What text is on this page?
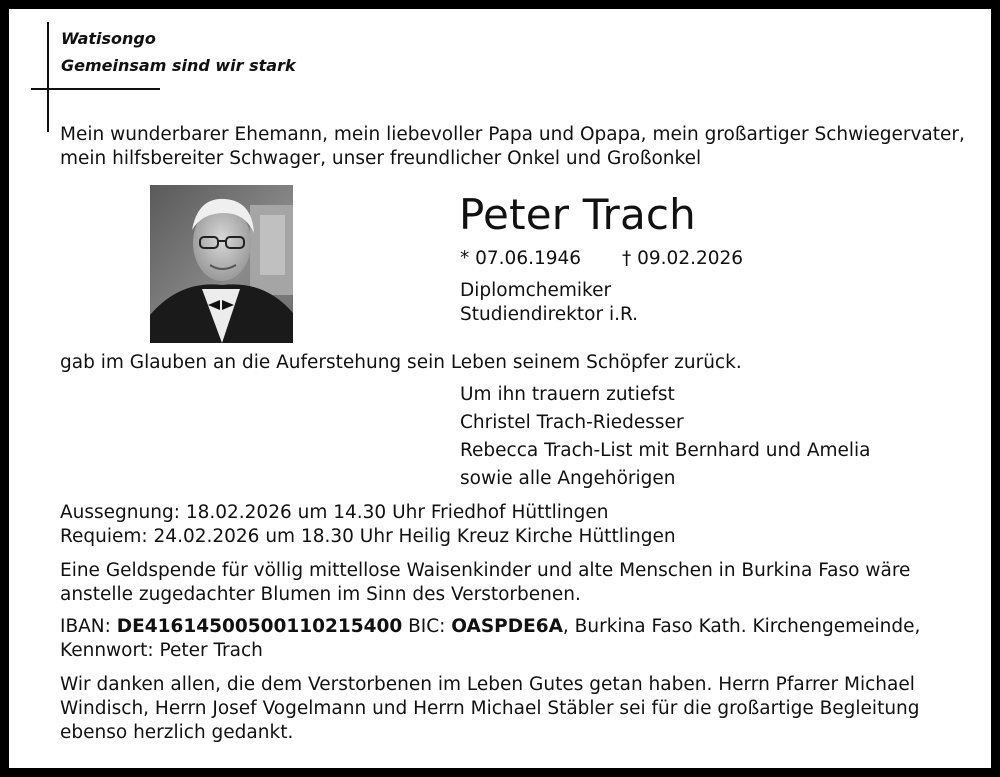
Watisongo
Gemeinsam sind wir stark
Mein wunderbarer Ehemann, mein liebevoller Papa und Opapa, mein großartiger Schwiegervater,
mein hilfsbereiter Schwager, unser freundlicher Onkel und Großonkel
Peter Trach
* 07.06.1946 † 09.02.2026
Diplomchemiker
Studiendirektor i.R.
gab im Glauben an die Auferstehung sein Leben seinem Schöpfer zurück.
Um ihn trauern zutiefst
Christel Trach-Riedesser
Rebecca Trach-List mit Bernhard und Amelia
sowie alle Angehörigen
Aussegnung: 18.02.2026 um 14.30 Uhr Friedhof Hüttlingen
Requiem: 24.02.2026 um 18.30 Uhr Heilig Kreuz Kirche Hüttlingen
Eine Geldspende für völlig mittellose Waisenkinder und alte Menschen in Burkina Faso wäre
anstelle zugedachter Blumen im Sinn des Verstorbenen.
IBAN: DE41614500500110215400 BIC: OASPDE6A, Burkina Faso Kath. Kirchengemeinde,
Kennwort: Peter Trach
Wir danken allen, die dem Verstorbenen im Leben Gutes getan haben. Herrn Pfarrer Michael
Windisch, Herrn Josef Vogelmann und Herrn Michael Stäbler sei für die großartige Begleitung
ebenso herzlich gedankt.
